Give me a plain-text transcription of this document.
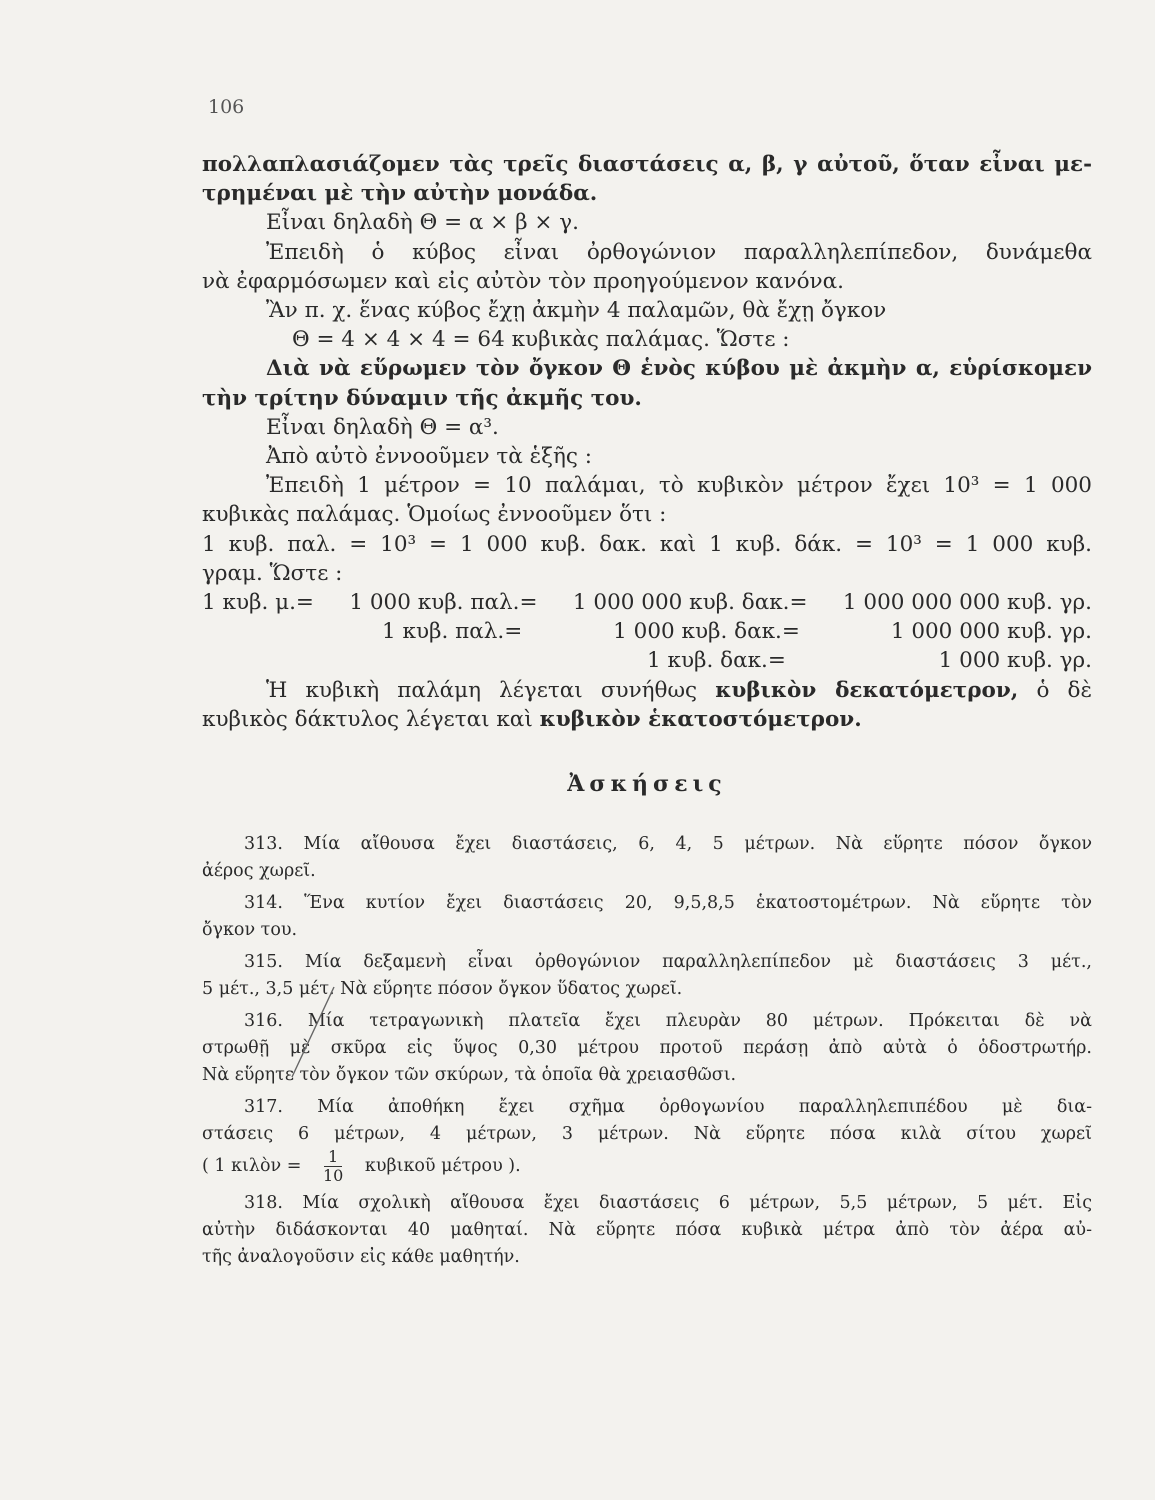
106

πολλαπλασιάζομεν τὰς τρεῖς διαστάσεις α, β, γ αὐτοῦ, ὅταν εἶναι με-

τρημέναι μὲ τὴν αὐτὴν μονάδα.

Εἶναι δηλαδὴ Θ = α × β × γ.

Ἐπειδὴ ὁ κύβος εἶναι ὀρθογώνιον παραλληλεπίπεδον, δυνάμεθα

νὰ ἐφαρμόσωμεν καὶ εἰς αὐτὸν τὸν προηγούμενον κανόνα.

Ἂν π. χ. ἕνας κύβος ἔχῃ ἀκμὴν 4 παλαμῶν, θὰ ἔχῃ ὄγκον

Θ = 4 × 4 × 4 = 64 κυβικὰς παλάμας. Ὥστε :

Διὰ νὰ εὕρωμεν τὸν ὄγκον Θ ἑνὸς κύβου μὲ ἀκμὴν α, εὑρίσκομεν

τὴν τρίτην δύναμιν τῆς ἀκμῆς του.

Εἶναι δηλαδὴ Θ = α³.

Ἀπὸ αὐτὸ ἐννοοῦμεν τὰ ἑξῆς :

Ἐπειδὴ 1 μέτρον = 10 παλάμαι, τὸ κυβικὸν μέτρον ἔχει 10³ = 1 000

κυβικὰς παλάμας. Ὁμοίως ἐννοοῦμεν ὅτι :

1 κυβ. παλ. = 10³ = 1 000 κυβ. δακ. καὶ 1 κυβ. δάκ. = 10³ = 1 000 κυβ.

γραμ. Ὥστε :

1 κυβ. μ.= 1 000 κυβ. παλ.= 1 000 000 κυβ. δακ.= 1 000 000 000 κυβ. γρ.
1 κυβ. παλ.=	1 000 κυβ. δακ.=	1 000 000 κυβ. γρ.
1 κυβ. δακ.=	1 000 κυβ. γρ.

Ἡ κυβικὴ παλάμη λέγεται συνήθως κυβικὸν δεκατόμετρον, ὁ δὲ

κυβικὸς δάκτυλος λέγεται καὶ κυβικὸν ἑκατοστόμετρον.

Ἀσκήσεις

313. Μία αἴθουσα ἔχει διαστάσεις, 6, 4, 5 μέτρων. Νὰ εὕρητε πόσον ὄγκον
ἀέρος χωρεῖ.

314. Ἕνα κυτίον ἔχει διαστάσεις 20, 9,5,8,5 ἑκατοστομέτρων. Νὰ εὕρητε τὸν
ὄγκον του.

315. Μία δεξαμενὴ εἶναι ὀρθογώνιον παραλληλεπίπεδον μὲ διαστάσεις 3 μέτ.,
5 μέτ., 3,5 μέτ. Νὰ εὕρητε πόσον ὄγκον ὕδατος χωρεῖ.

316. Μία τετραγωνικὴ πλατεῖα ἔχει πλευρὰν 80 μέτρων. Πρόκειται δὲ νὰ
στρωθῇ μὲ σκῦρα εἰς ὕψος 0,30 μέτρου προτοῦ περάσῃ ἀπὸ αὐτὰ ὁ ὁδοστρωτήρ.
Νὰ εὕρητε τὸν ὄγκον τῶν σκύρων, τὰ ὁποῖα θὰ χρειασθῶσι.

317. Μία ἀποθήκη ἔχει σχῆμα ὀρθογωνίου παραλληλεπιπέδου μὲ δια-
στάσεις 6 μέτρων, 4 μέτρων, 3 μέτρων. Νὰ εὕρητε πόσα κιλὰ σίτου χωρεῖ
( 1 κιλὸν = $\frac{1}{10}$ κυβικοῦ μέτρου ).

318. Μία σχολικὴ αἴθουσα ἔχει διαστάσεις 6 μέτρων, 5,5 μέτρων, 5 μέτ. Εἰς
αὐτὴν διδάσκονται 40 μαθηταί. Νὰ εὕρητε πόσα κυβικὰ μέτρα ἀπὸ τὸν ἀέρα αὐ-
τῆς ἀναλογοῦσιν εἰς κάθε μαθητήν.
